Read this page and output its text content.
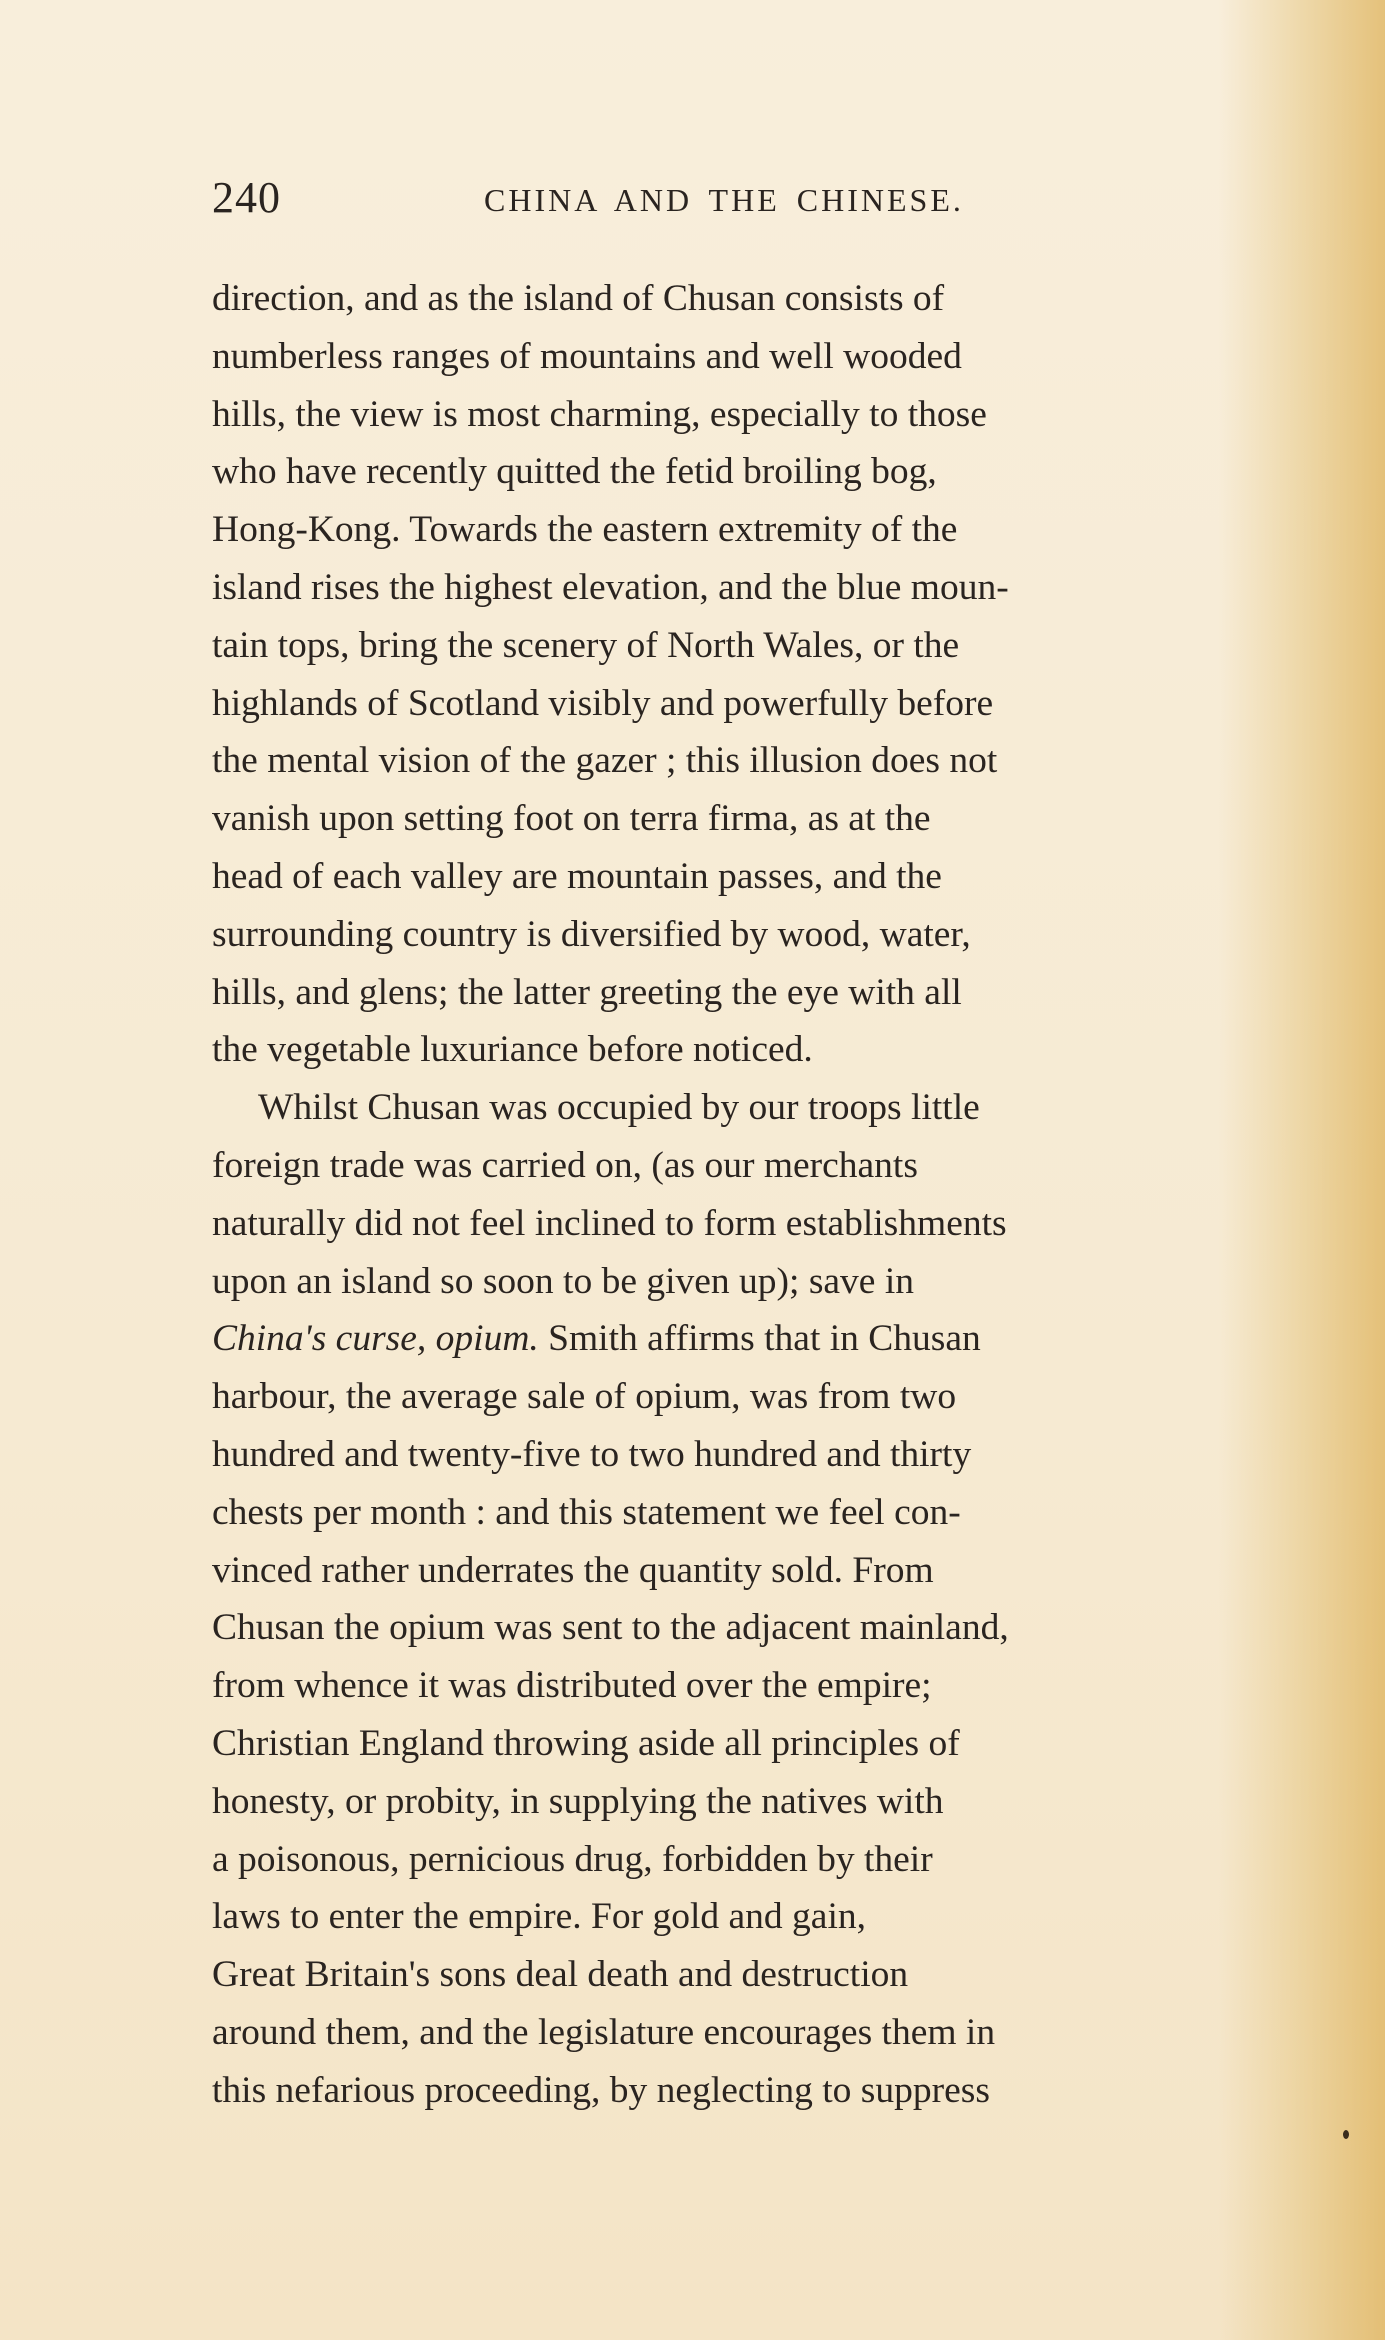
240	CHINA AND THE CHINESE.
direction, and as the island of Chusan consists of
numberless ranges of mountains and well wooded
hills, the view is most charming, especially to those
who have recently quitted the fetid broiling bog,
Hong-Kong. Towards the eastern extremity of the
island rises the highest elevation, and the blue moun-
tain tops, bring the scenery of North Wales, or the
highlands of Scotland visibly and powerfully before
the mental vision of the gazer ; this illusion does not
vanish upon setting foot on terra firma, as at the
head of each valley are mountain passes, and the
surrounding country is diversified by wood, water,
hills, and glens; the latter greeting the eye with all
the vegetable luxuriance before noticed.
Whilst Chusan was occupied by our troops little
foreign trade was carried on, (as our merchants
naturally did not feel inclined to form establishments
upon an island so soon to be given up); save in
China's curse, opium. Smith affirms that in Chusan
harbour, the average sale of opium, was from two
hundred and twenty-five to two hundred and thirty
chests per month : and this statement we feel con-
vinced rather underrates the quantity sold. From
Chusan the opium was sent to the adjacent mainland,
from whence it was distributed over the empire;
Christian England throwing aside all principles of
honesty, or probity, in supplying the natives with
a poisonous, pernicious drug, forbidden by their
laws to enter the empire. For gold and gain,
Great Britain's sons deal death and destruction
around them, and the legislature encourages them in
this nefarious proceeding, by neglecting to suppress
